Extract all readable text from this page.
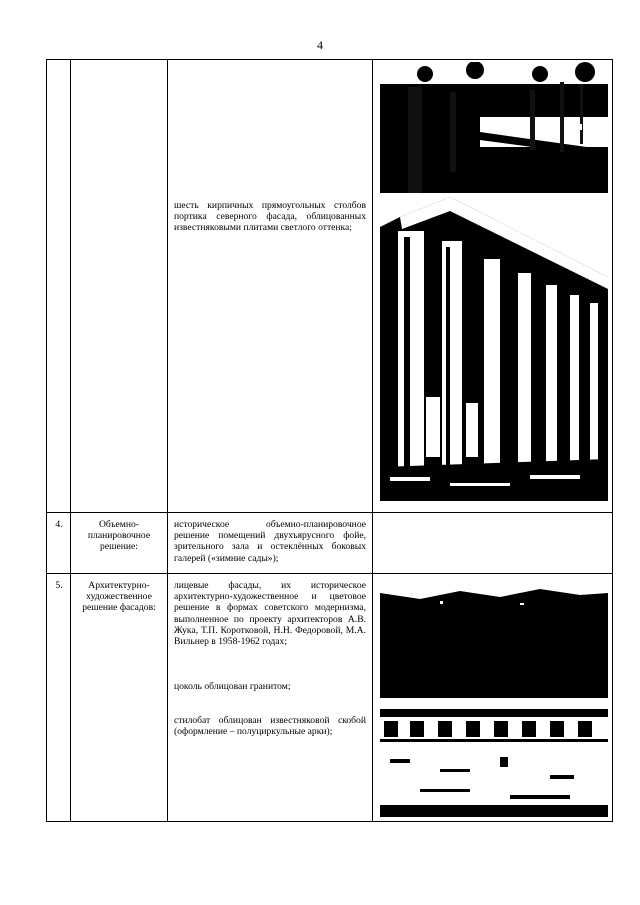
4
шесть кирпичных прямоугольных столбов портика северного фасада, облицованных известняковыми плитами светлого оттенка;
4.	Объемно-планировочное решение:
историческое объемно-планировочное решение помещений двухъярусного фойе, зрительного зала и остеклённых боковых галерей («зимние сады»);
5.	Архитектурно-художественное решение фасадов:
лицевые фасады, их историческое архитектурно-художественное и цветовое решение в формах советского модернизма, выполненное по проекту архитекторов А.В. Жука, Т.П. Коротковой, Н.Н. Федоровой, М.А. Вильнер в 1958-1962 годах;
цоколь облицован гранитом;
стилобат облицован известняковой скобой (оформление – полуциркульные арки);
